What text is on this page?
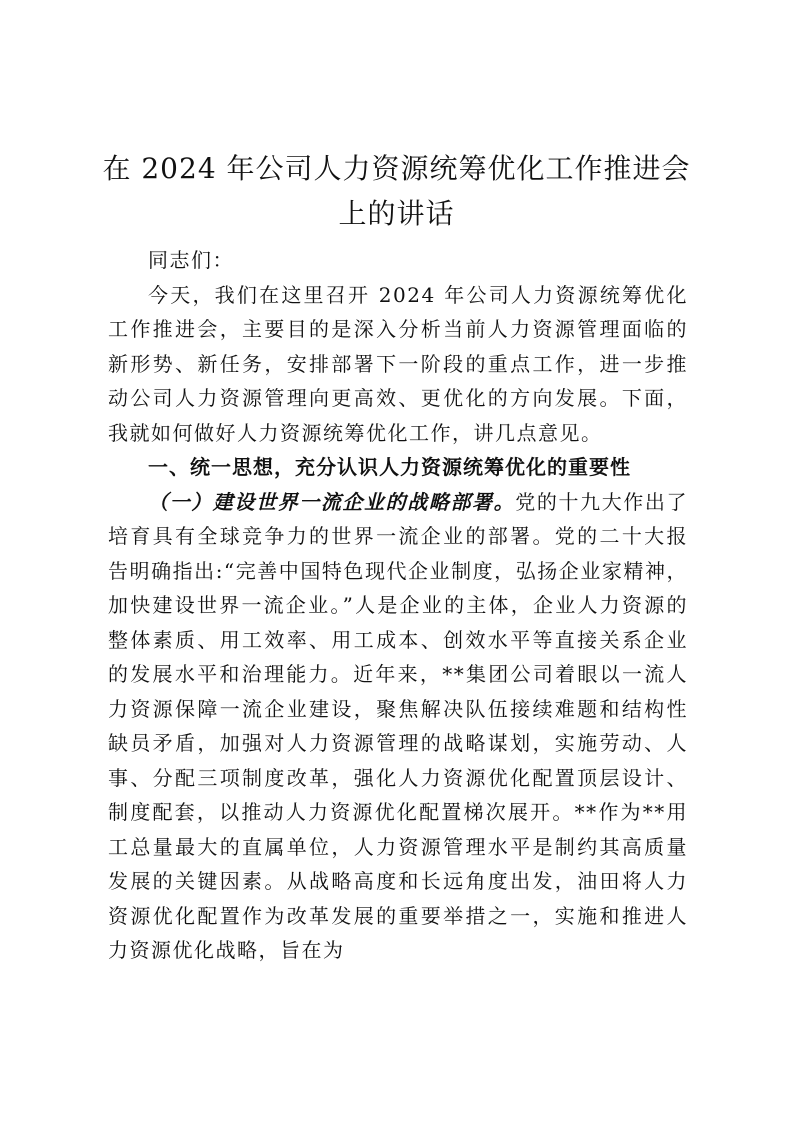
在 2024 年公司人力资源统筹优化工作推进会
上的讲话

同志们：

今天，我们在这里召开 2024 年公司人力资源统筹优化工作推进会，主要目的是深入分析当前人力资源管理面临的新形势、新任务，安排部署下一阶段的重点工作，进一步推动公司人力资源管理向更高效、更优化的方向发展。下面，我就如何做好人力资源统筹优化工作，讲几点意见。

一、统一思想，充分认识人力资源统筹优化的重要性

（一）建设世界一流企业的战略部署。党的十九大作出了培育具有全球竞争力的世界一流企业的部署。党的二十大报告明确指出:“完善中国特色现代企业制度，弘扬企业家精神，加快建设世界一流企业。”人是企业的主体，企业人力资源的整体素质、用工效率、用工成本、创效水平等直接关系企业的发展水平和治理能力。近年来，**集团公司着眼以一流人力资源保障一流企业建设，聚焦解决队伍接续难题和结构性缺员矛盾，加强对人力资源管理的战略谋划，实施劳动、人事、分配三项制度改革，强化人力资源优化配置顶层设计、制度配套，以推动人力资源优化配置梯次展开。**作为**用工总量最大的直属单位，人力资源管理水平是制约其高质量发展的关键因素。从战略高度和长远角度出发，油田将人力资源优化配置作为改革发展的重要举措之一，实施和推进人力资源优化战略，旨在为
